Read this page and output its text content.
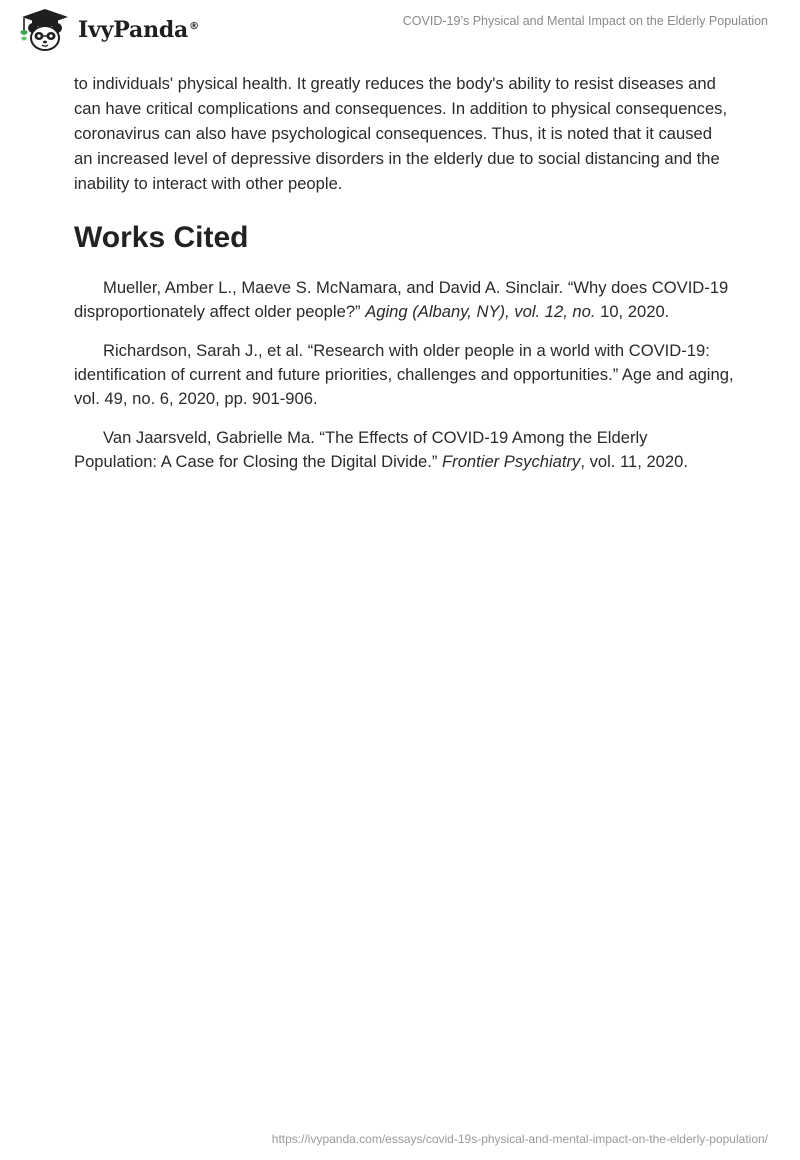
IvyPanda®	COVID-19’s Physical and Mental Impact on the Elderly Population

to individuals' physical health. It greatly reduces the body's ability to resist diseases and can have critical complications and consequences. In addition to physical consequences, coronavirus can also have psychological consequences. Thus, it is noted that it caused an increased level of depressive disorders in the elderly due to social distancing and the inability to interact with other people.

Works Cited

Mueller, Amber L., Maeve S. McNamara, and David A. Sinclair. “Why does COVID-19 disproportionately affect older people?” Aging (Albany, NY), vol. 12, no. 10, 2020.

Richardson, Sarah J., et al. “Research with older people in a world with COVID-19: identification of current and future priorities, challenges and opportunities.” Age and aging, vol. 49, no. 6, 2020, pp. 901-906.

Van Jaarsveld, Gabrielle Ma. “The Effects of COVID-19 Among the Elderly Population: A Case for Closing the Digital Divide.” Frontier Psychiatry, vol. 11, 2020.

https://ivypanda.com/essays/covid-19s-physical-and-mental-impact-on-the-elderly-population/
